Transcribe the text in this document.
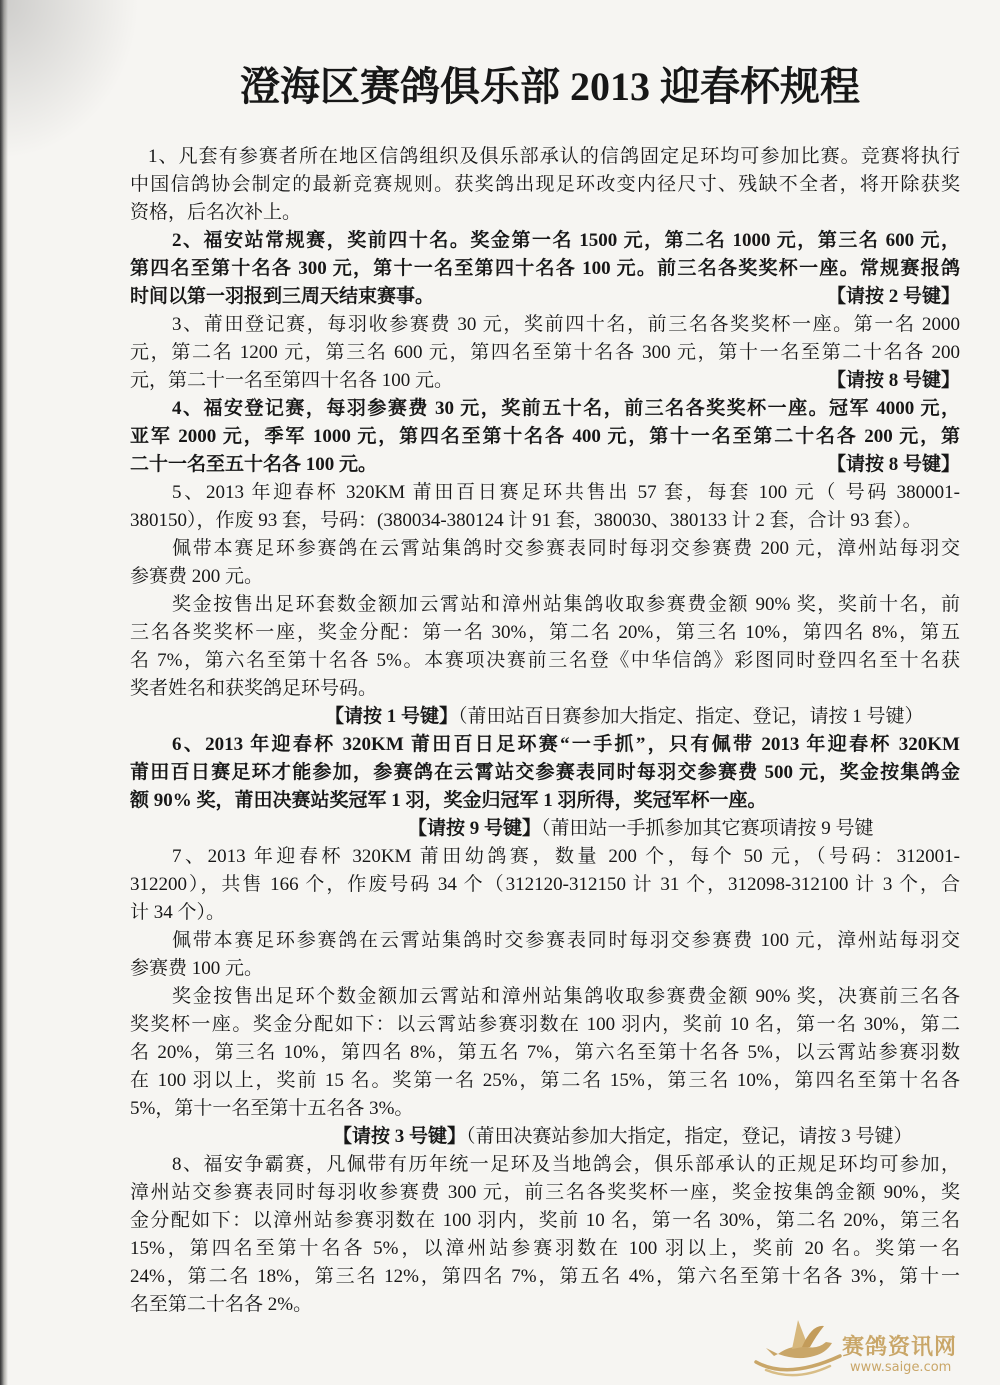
澄海区赛鸽俱乐部 2013 迎春杯规程
1、凡套有参赛者所在地区信鸽组织及俱乐部承认的信鸽固定足环均可参加比赛。竞赛将执行
中国信鸽协会制定的最新竞赛规则。获奖鸽出现足环改变内径尺寸、残缺不全者，将开除获奖
资格，后名次补上。
2、福安站常规赛，奖前四十名。奖金第一名 1500 元，第二名 1000 元，第三名 600 元，
第四名至第十名各 300 元，第十一名至第四十名各 100 元。前三名各奖奖杯一座。常规赛报鸽
时间以第一羽报到三周天结束赛事。	【请按 2 号键】
3、莆田登记赛，每羽收参赛费 30 元，奖前四十名，前三名各奖奖杯一座。第一名 2000
元，第二名 1200 元，第三名 600 元，第四名至第十名各 300 元，第十一名至第二十名各 200
元，第二十一名至第四十名各 100 元。	【请按 8 号键】
4、福安登记赛，每羽参赛费 30 元，奖前五十名，前三名各奖奖杯一座。冠军 4000 元，
亚军 2000 元，季军 1000 元，第四名至第十名各 400 元，第十一名至第二十名各 200 元，第
二十一名至五十名各 100 元。	【请按 8 号键】
5、2013 年迎春杯 320KM 莆田百日赛足环共售出 57 套，每套 100 元（ 号码 380001-
380150），作废 93 套，号码：(380034-380124 计 91 套，380030、380133 计 2 套，合计 93 套）。
佩带本赛足环参赛鸽在云霄站集鸽时交参赛表同时每羽交参赛费 200 元，漳州站每羽交
参赛费 200 元。
奖金按售出足环套数金额加云霄站和漳州站集鸽收取参赛费金额 90% 奖，奖前十名，前
三名各奖奖杯一座，奖金分配：第一名 30%，第二名 20%，第三名 10%，第四名 8%，第五
名 7%，第六名至第十名各 5%。本赛项决赛前三名登《中华信鸽》彩图同时登四名至十名获
奖者姓名和获奖鸽足环号码。
【请按 1 号键】（莆田站百日赛参加大指定、指定、登记，请按 1 号键）
6、2013 年迎春杯 320KM 莆田百日足环赛“一手抓”，只有佩带 2013 年迎春杯 320KM
莆田百日赛足环才能参加，参赛鸽在云霄站交参赛表同时每羽交参赛费 500 元，奖金按集鸽金
额 90% 奖，莆田决赛站奖冠军 1 羽，奖金归冠军 1 羽所得，奖冠军杯一座。
【请按 9 号键】（莆田站一手抓参加其它赛项请按 9 号键
7、2013 年迎春杯 320KM 莆田幼鸽赛，数量 200 个，每个 50 元，（号码：312001-
312200），共售 166 个，作废号码 34 个（312120-312150 计 31 个，312098-312100 计 3 个，合
计 34 个）。
佩带本赛足环参赛鸽在云霄站集鸽时交参赛表同时每羽交参赛费 100 元，漳州站每羽交
参赛费 100 元。
奖金按售出足环个数金额加云霄站和漳州站集鸽收取参赛费金额 90% 奖，决赛前三名各
奖奖杯一座。奖金分配如下：以云霄站参赛羽数在 100 羽内，奖前 10 名，第一名 30%，第二
名 20%，第三名 10%，第四名 8%，第五名 7%，第六名至第十名各 5%，以云霄站参赛羽数
在 100 羽以上，奖前 15 名。奖第一名 25%，第二名 15%，第三名 10%，第四名至第十名各
5%，第十一名至第十五名各 3%。
【请按 3 号键】（莆田决赛站参加大指定，指定，登记，请按 3 号键）
8、福安争霸赛，凡佩带有历年统一足环及当地鸽会，俱乐部承认的正规足环均可参加，
漳州站交参赛表同时每羽收参赛费 300 元，前三名各奖奖杯一座，奖金按集鸽金额 90%，奖
金分配如下：以漳州站参赛羽数在 100 羽内，奖前 10 名，第一名 30%，第二名 20%，第三名
15%，第四名至第十名各 5%，以漳州站参赛羽数在 100 羽以上，奖前 20 名。奖第一名
24%，第二名 18%，第三名 12%，第四名 7%，第五名 4%，第六名至第十名各 3%，第十一
名至第二十名各 2%。
赛鸽资讯网
www.saige.com
